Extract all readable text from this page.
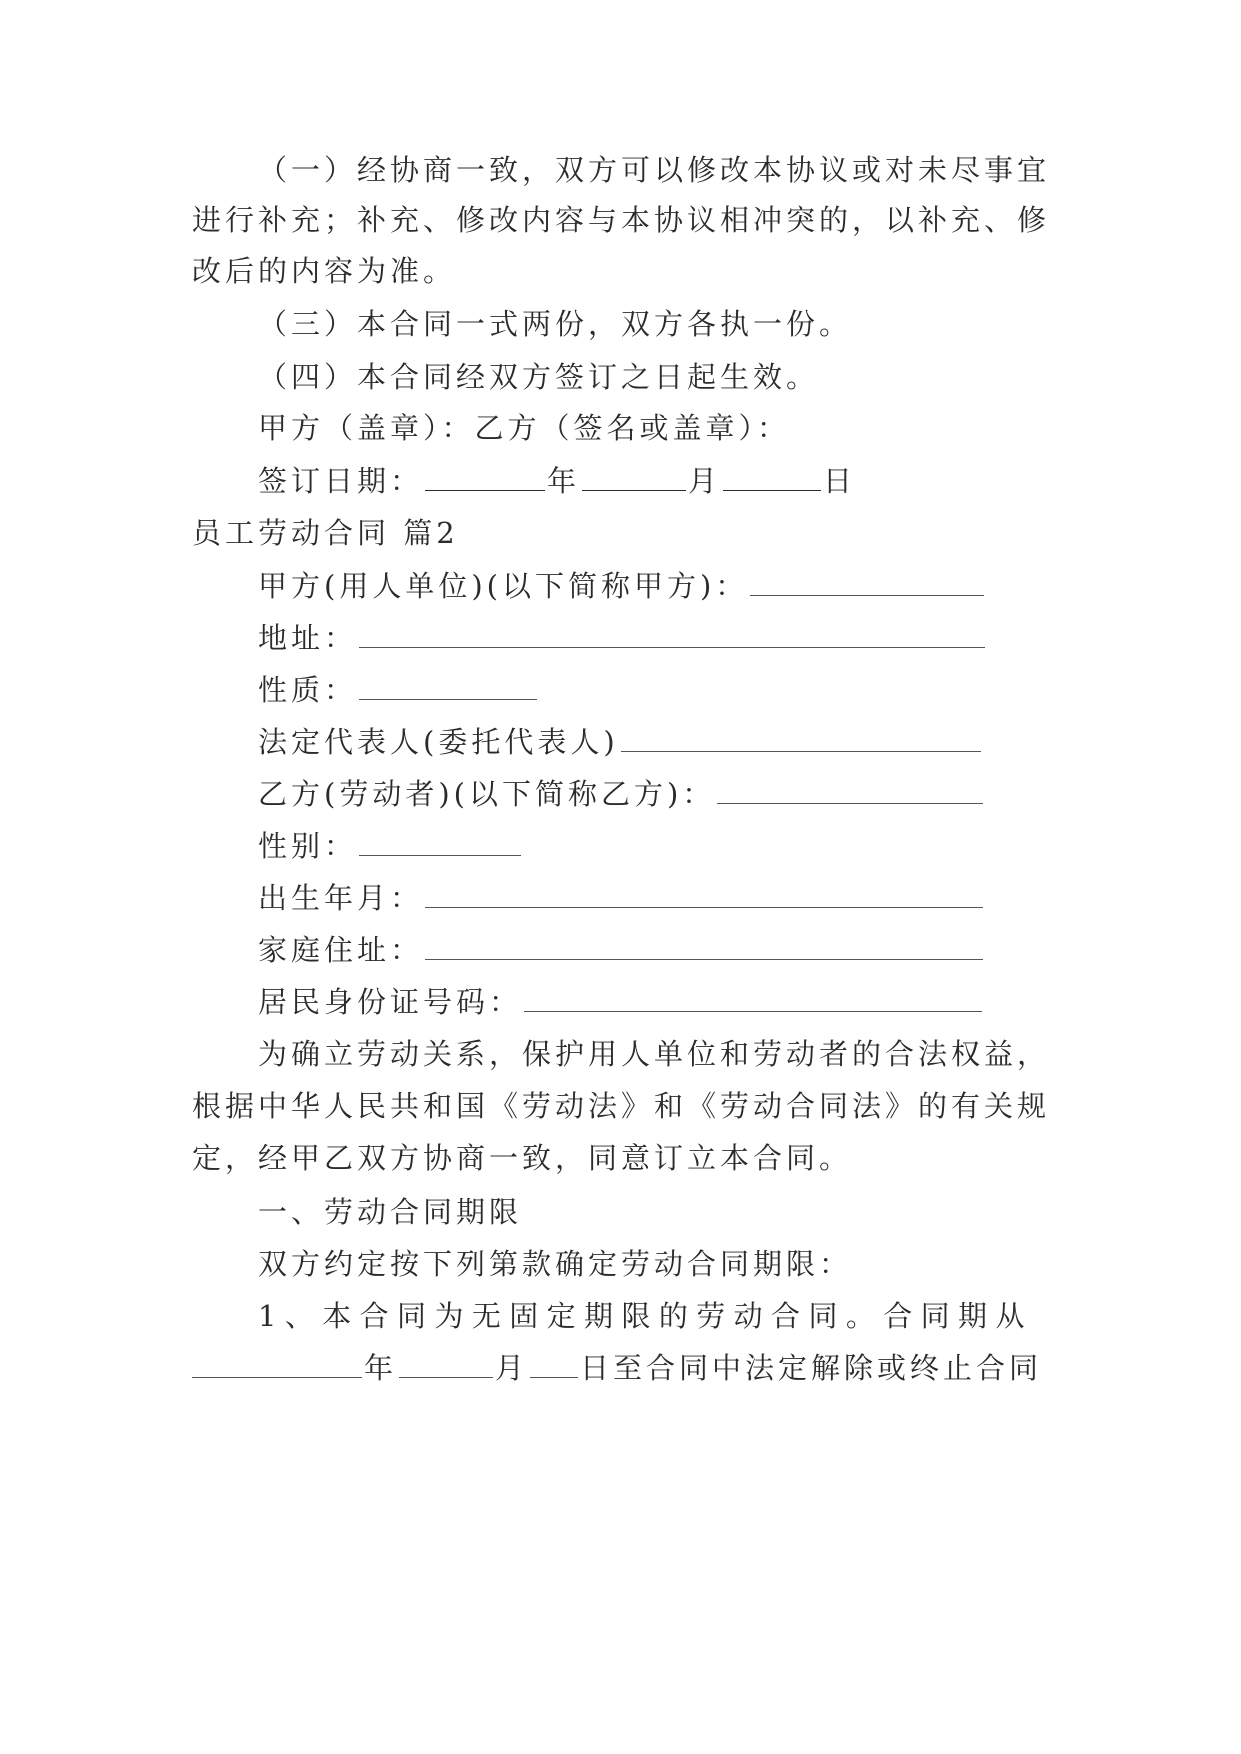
（一）经协商一致，双方可以修改本协议或对未尽事宜
进行补充；补充、修改内容与本协议相冲突的，以补充、修
改后的内容为准。
（三）本合同一式两份，双方各执一份。
（四）本合同经双方签订之日起生效。
甲方（盖章）：乙方（签名或盖章）：
签订日期：	年	月	日
员工劳动合同 篇2
甲方(用人单位)(以下简称甲方)：
地址：
性质：
法定代表人(委托代表人)
乙方(劳动者)(以下简称乙方)：
性别：
出生年月：
家庭住址：
居民身份证号码：
为确立劳动关系，保护用人单位和劳动者的合法权益，
根据中华人民共和国《劳动法》和《劳动合同法》的有关规
定，经甲乙双方协商一致，同意订立本合同。
一、劳动合同期限
双方约定按下列第款确定劳动合同期限：
1、本合同为无固定期限的劳动合同。合同期从
年	月 日至合同中法定解除或终止合同
